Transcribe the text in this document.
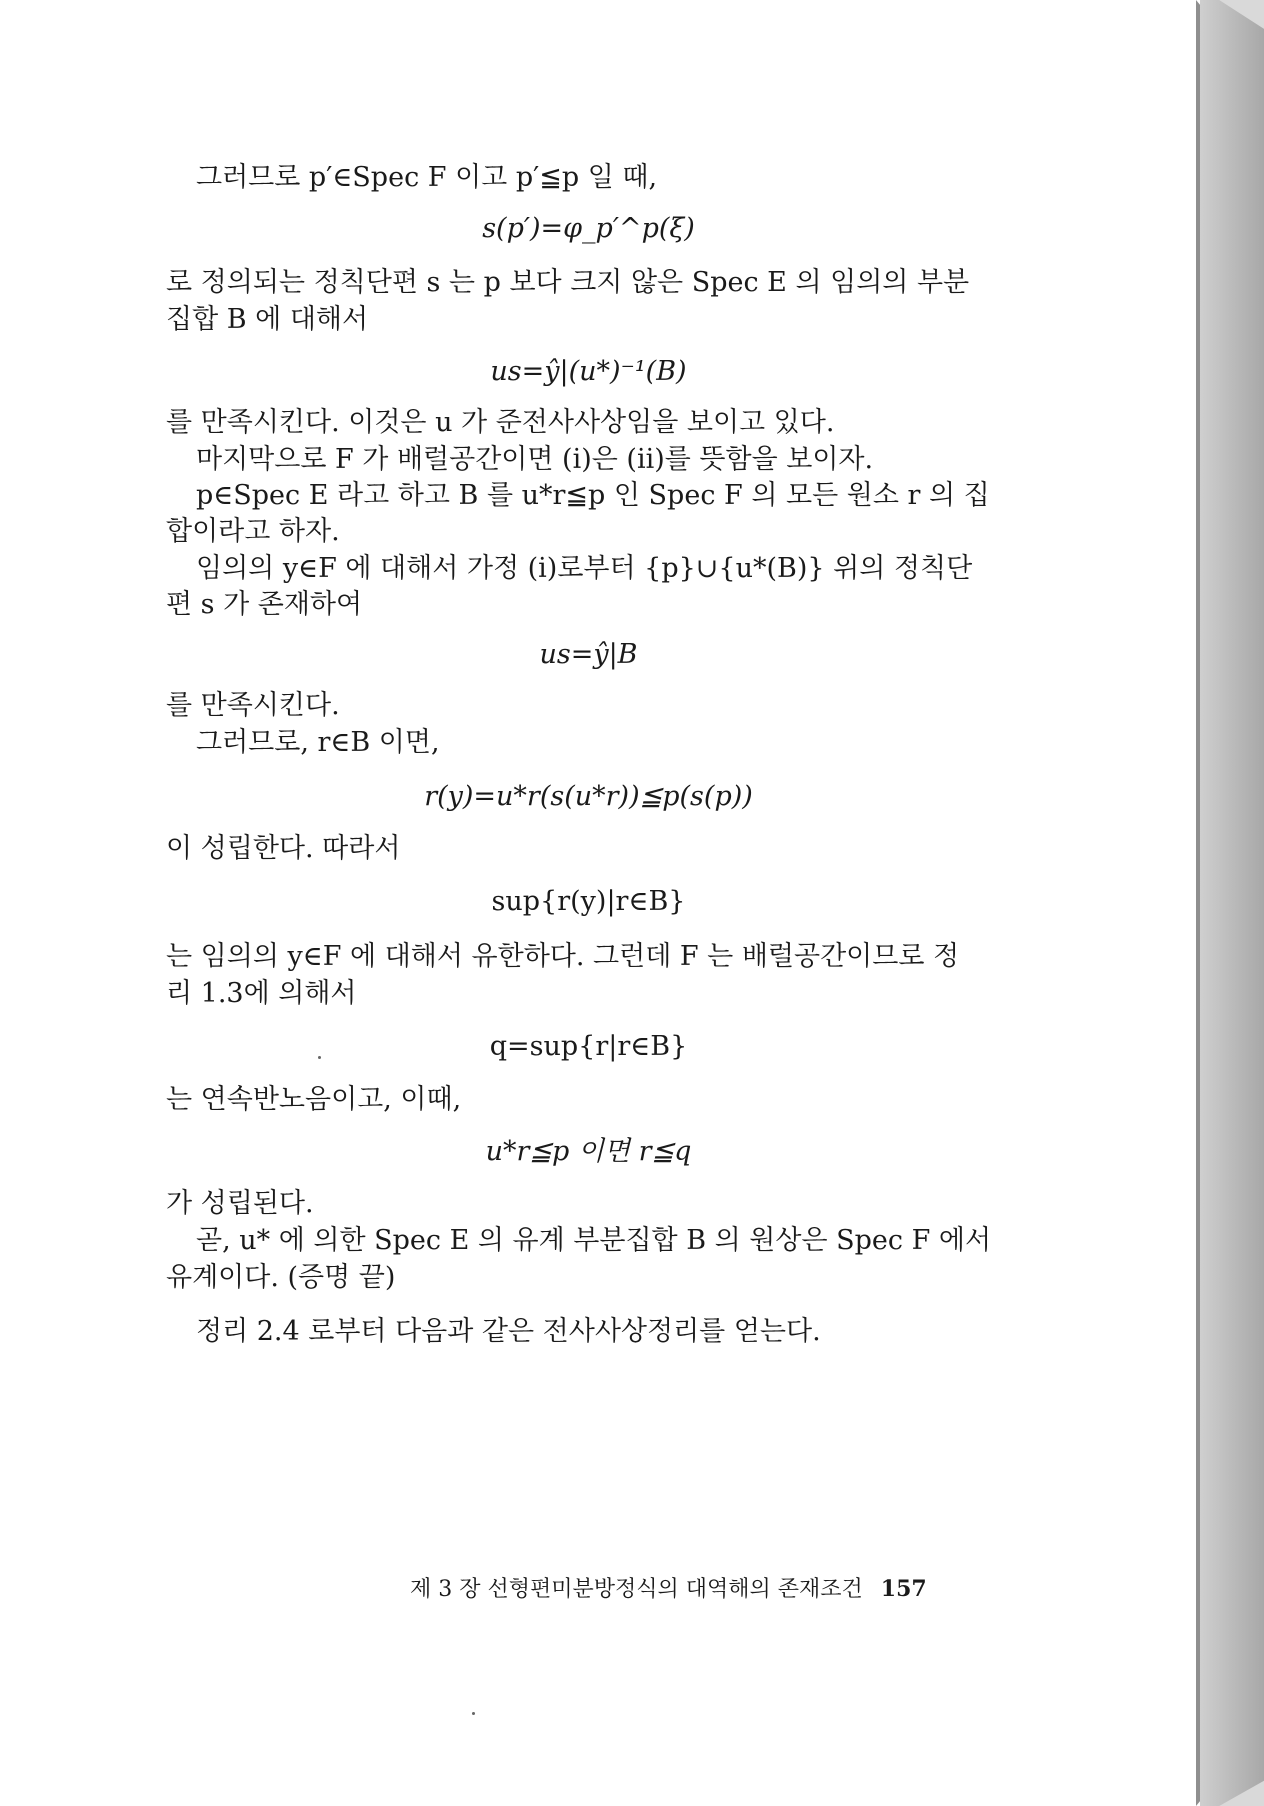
그러므로 p′∈Spec F 이고 p′≦p 일 때,
s(p′)=φ_p′^p(ξ)
로 정의되는 정칙단편 s 는 p 보다 크지 않은 Spec E 의 임의의 부분
집합 B 에 대해서
us=ŷ|(u*)⁻¹(B)
를 만족시킨다. 이것은 u 가 준전사사상임을 보이고 있다.
마지막으로 F 가 배럴공간이면 (i)은 (ii)를 뜻함을 보이자.
p∈Spec E 라고 하고 B 를 u*r≦p 인 Spec F 의 모든 원소 r 의 집
합이라고 하자.
임의의 y∈F 에 대해서 가정 (i)로부터 {p}∪{u*(B)} 위의 정칙단
편 s 가 존재하여
us=ŷ|B
를 만족시킨다.
그러므로, r∈B 이면,
r(y)=u*r(s(u*r))≦p(s(p))
이 성립한다. 따라서
sup{r(y)|r∈B}
는 임의의 y∈F 에 대해서 유한하다. 그런데 F 는 배럴공간이므로 정
리 1.3에 의해서
q=sup{r|r∈B}
는 연속반노음이고, 이때,
u*r≦p 이면 r≦q
가 성립된다.
곧, u* 에 의한 Spec E 의 유계 부분집합 B 의 원상은 Spec F 에서
유계이다. (증명 끝)
정리 2.4 로부터 다음과 같은 전사사상정리를 얻는다.
제 3 장 선형편미분방정식의 대역해의 존재조건 157
